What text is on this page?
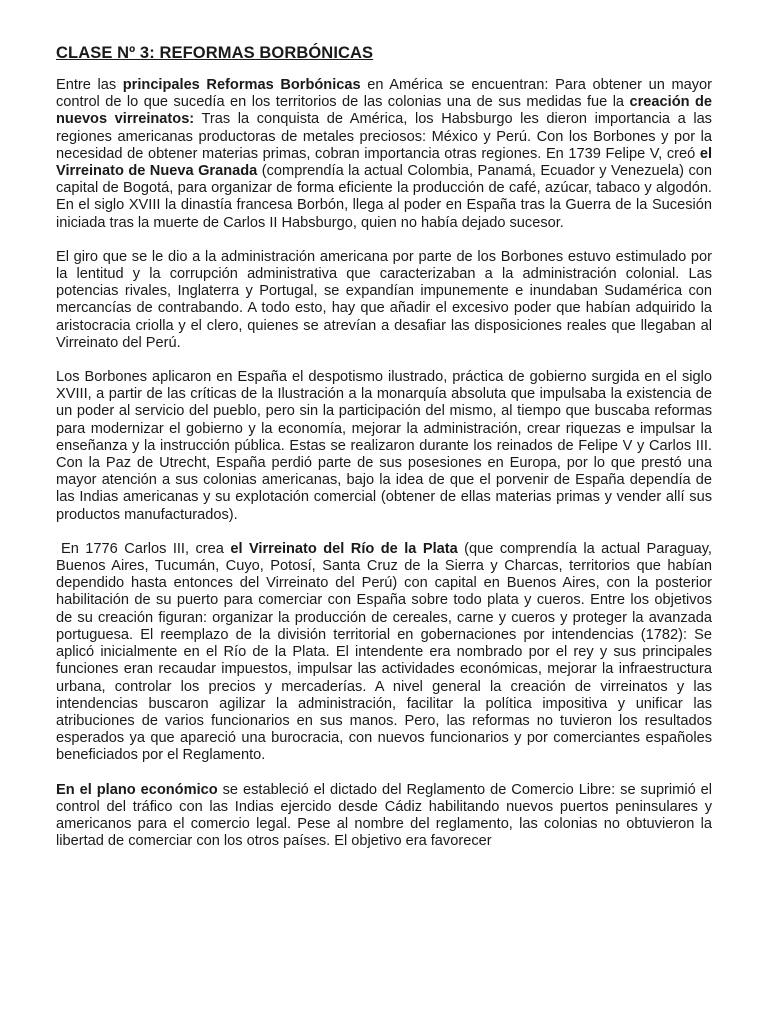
CLASE Nº 3: REFORMAS BORBÓNICAS

Entre las principales Reformas Borbónicas en América se encuentran: Para obtener un mayor control de lo que sucedía en los territorios de las colonias una de sus medidas fue la creación de nuevos virreinatos: Tras la conquista de América, los Habsburgo les dieron importancia a las regiones americanas productoras de metales preciosos: México y Perú. Con los Borbones y por la necesidad de obtener materias primas, cobran importancia otras regiones. En 1739 Felipe V, creó el Virreinato de Nueva Granada (comprendía la actual Colombia, Panamá, Ecuador y Venezuela) con capital de Bogotá, para organizar de forma eficiente la producción de café, azúcar, tabaco y algodón. En el siglo XVIII la dinastía francesa Borbón, llega al poder en España tras la Guerra de la Sucesión iniciada tras la muerte de Carlos II Habsburgo, quien no había dejado sucesor.

El giro que se le dio a la administración americana por parte de los Borbones estuvo estimulado por la lentitud y la corrupción administrativa que caracterizaban a la administración colonial. Las potencias rivales, Inglaterra y Portugal, se expandían impunemente e inundaban Sudamérica con mercancías de contrabando. A todo esto, hay que añadir el excesivo poder que habían adquirido la aristocracia criolla y el clero, quienes se atrevían a desafiar las disposiciones reales que llegaban al Virreinato del Perú.

Los Borbones aplicaron en España el despotismo ilustrado, práctica de gobierno surgida en el siglo XVIII, a partir de las críticas de la Ilustración a la monarquía absoluta que impulsaba la existencia de un poder al servicio del pueblo, pero sin la participación del mismo, al tiempo que buscaba reformas para modernizar el gobierno y la economía, mejorar la administración, crear riquezas e impulsar la enseñanza y la instrucción pública. Estas se realizaron durante los reinados de Felipe V y Carlos III. Con la Paz de Utrecht, España perdió parte de sus posesiones en Europa, por lo que prestó una mayor atención a sus colonias americanas, bajo la idea de que el porvenir de España dependía de las Indias americanas y su explotación comercial (obtener de ellas materias primas y vender allí sus productos manufacturados).

En 1776 Carlos III, crea el Virreinato del Río de la Plata (que comprendía la actual Paraguay, Buenos Aires, Tucumán, Cuyo, Potosí, Santa Cruz de la Sierra y Charcas, territorios que habían dependido hasta entonces del Virreinato del Perú) con capital en Buenos Aires, con la posterior habilitación de su puerto para comerciar con España sobre todo plata y cueros. Entre los objetivos de su creación figuran: organizar la producción de cereales, carne y cueros y proteger la avanzada portuguesa. El reemplazo de la división territorial en gobernaciones por intendencias (1782): Se aplicó inicialmente en el Río de la Plata. El intendente era nombrado por el rey y sus principales funciones eran recaudar impuestos, impulsar las actividades económicas, mejorar la infraestructura urbana, controlar los precios y mercaderías. A nivel general la creación de virreinatos y las intendencias buscaron agilizar la administración, facilitar la política impositiva y unificar las atribuciones de varios funcionarios en sus manos. Pero, las reformas no tuvieron los resultados esperados ya que apareció una burocracia, con nuevos funcionarios y por comerciantes españoles beneficiados por el Reglamento.

En el plano económico se estableció el dictado del Reglamento de Comercio Libre: se suprimió el control del tráfico con las Indias ejercido desde Cádiz habilitando nuevos puertos peninsulares y americanos para el comercio legal. Pese al nombre del reglamento, las colonias no obtuvieron la libertad de comerciar con los otros países. El objetivo era favorecer
